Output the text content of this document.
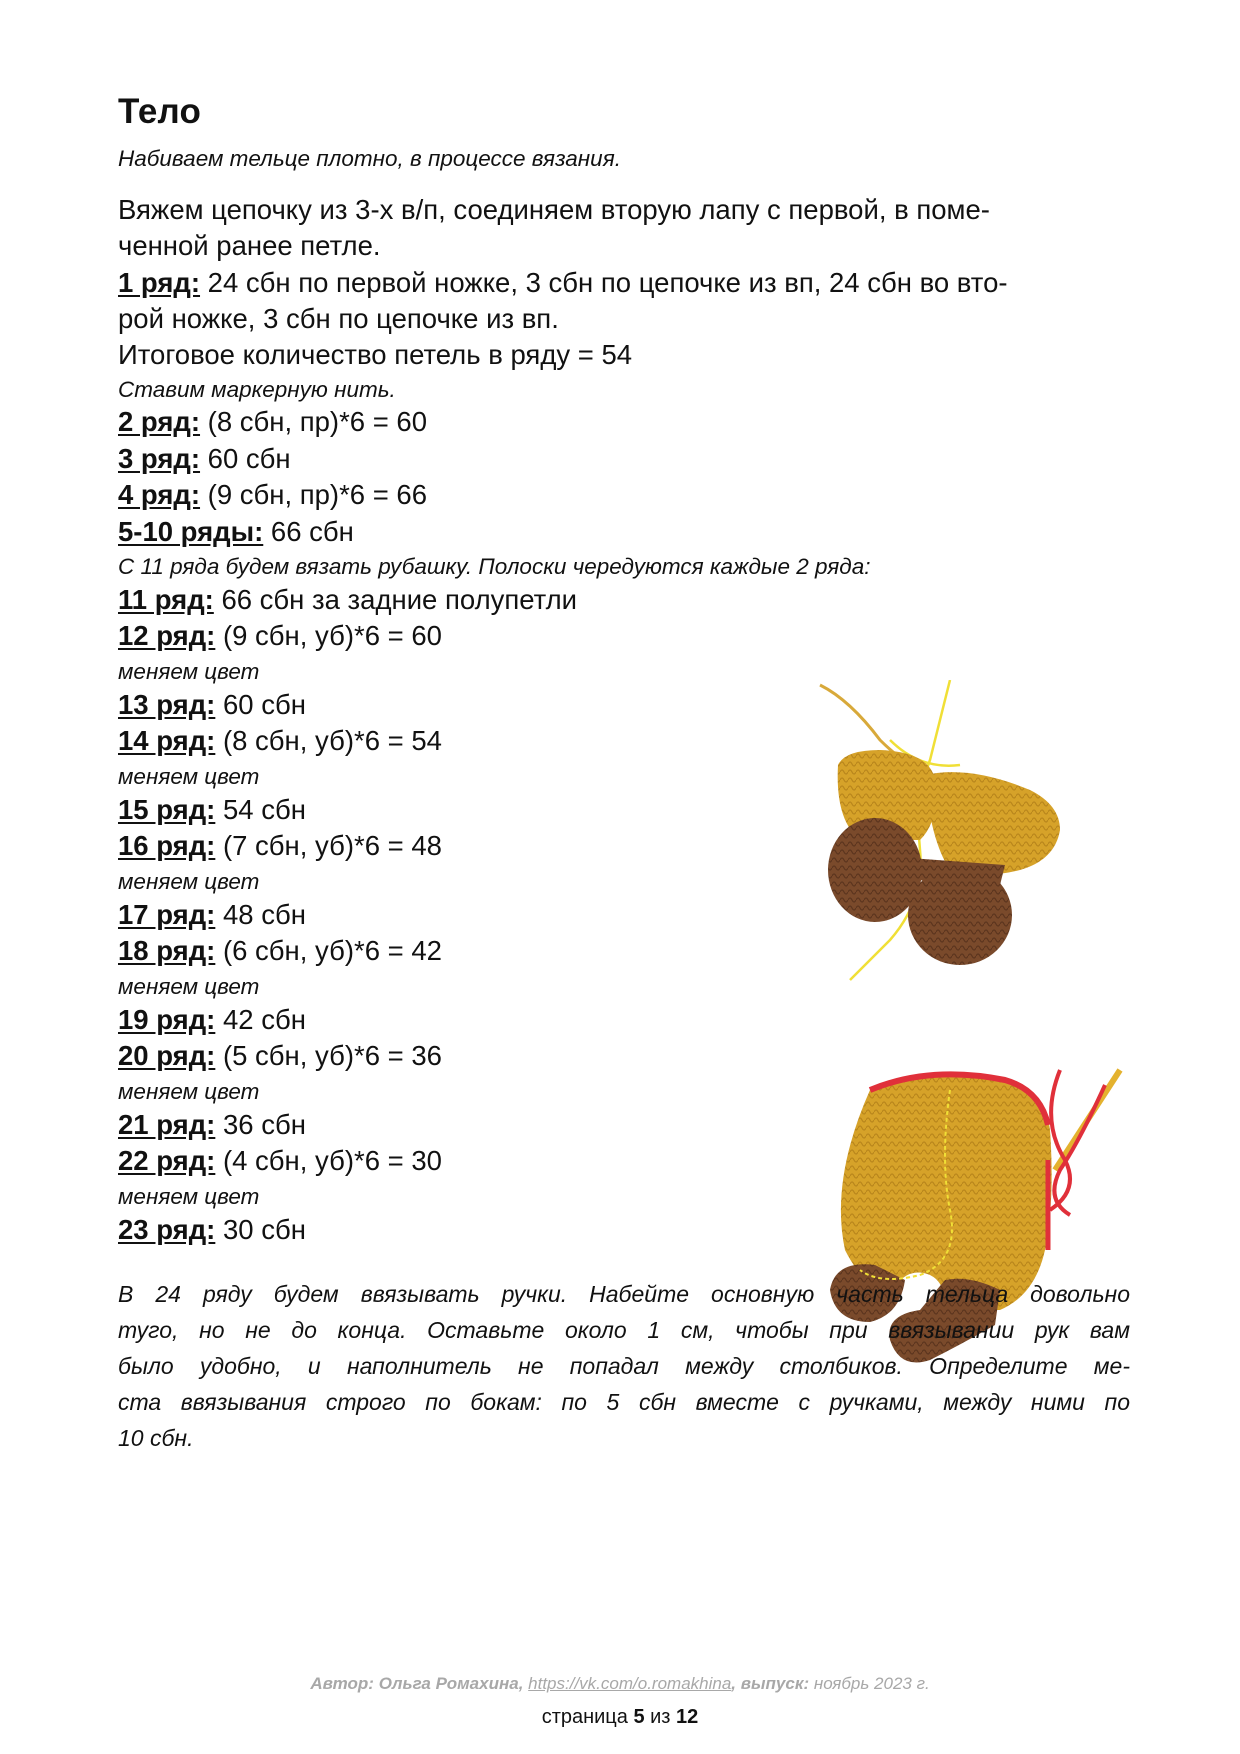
Тело
Набиваем тельце плотно, в процессе вязания.
Вяжем цепочку из 3-х в/п, соединяем вторую лапу с первой, в поме-
ченной ранее петле.
1 ряд: 24 сбн по первой ножке, 3 сбн по цепочке из вп, 24 сбн во вто-
рой ножке, 3 сбн по цепочке из вп.
Итоговое количество петель в ряду = 54
Ставим маркерную нить.
2 ряд: (8 сбн, пр)*6 = 60
3 ряд: 60 сбн
4 ряд: (9 сбн, пр)*6 = 66
5-10 ряды: 66 сбн
С 11 ряда будем вязать рубашку. Полоски чередуются каждые 2 ряда:
11 ряд: 66 сбн за задние полупетли
12 ряд: (9 сбн, уб)*6 = 60
меняем цвет
13 ряд: 60 сбн
14 ряд: (8 сбн, уб)*6 = 54
меняем цвет
15 ряд: 54 сбн
16 ряд: (7 сбн, уб)*6 = 48
меняем цвет
17 ряд: 48 сбн
18 ряд: (6 сбн, уб)*6 = 42
меняем цвет
19 ряд: 42 сбн
20 ряд: (5 сбн, уб)*6 = 36
меняем цвет
21 ряд: 36 сбн
22 ряд: (4 сбн, уб)*6 = 30
меняем цвет
23 ряд: 30 сбн
В 24 ряду будем ввязывать ручки. Набейте основную часть тельца довольно
туго, но не до конца. Оставьте около 1 см, чтобы при ввязывании рук вам
было удобно, и наполнитель не попадал между столбиков. Определите ме-
ста ввязывания строго по бокам: по 5 сбн вместе с ручками, между ними по
10 сбн.
Автор: Ольга Ромахина, https://vk.com/o.romakhina, выпуск: ноябрь 2023 г.
страница 5 из 12
